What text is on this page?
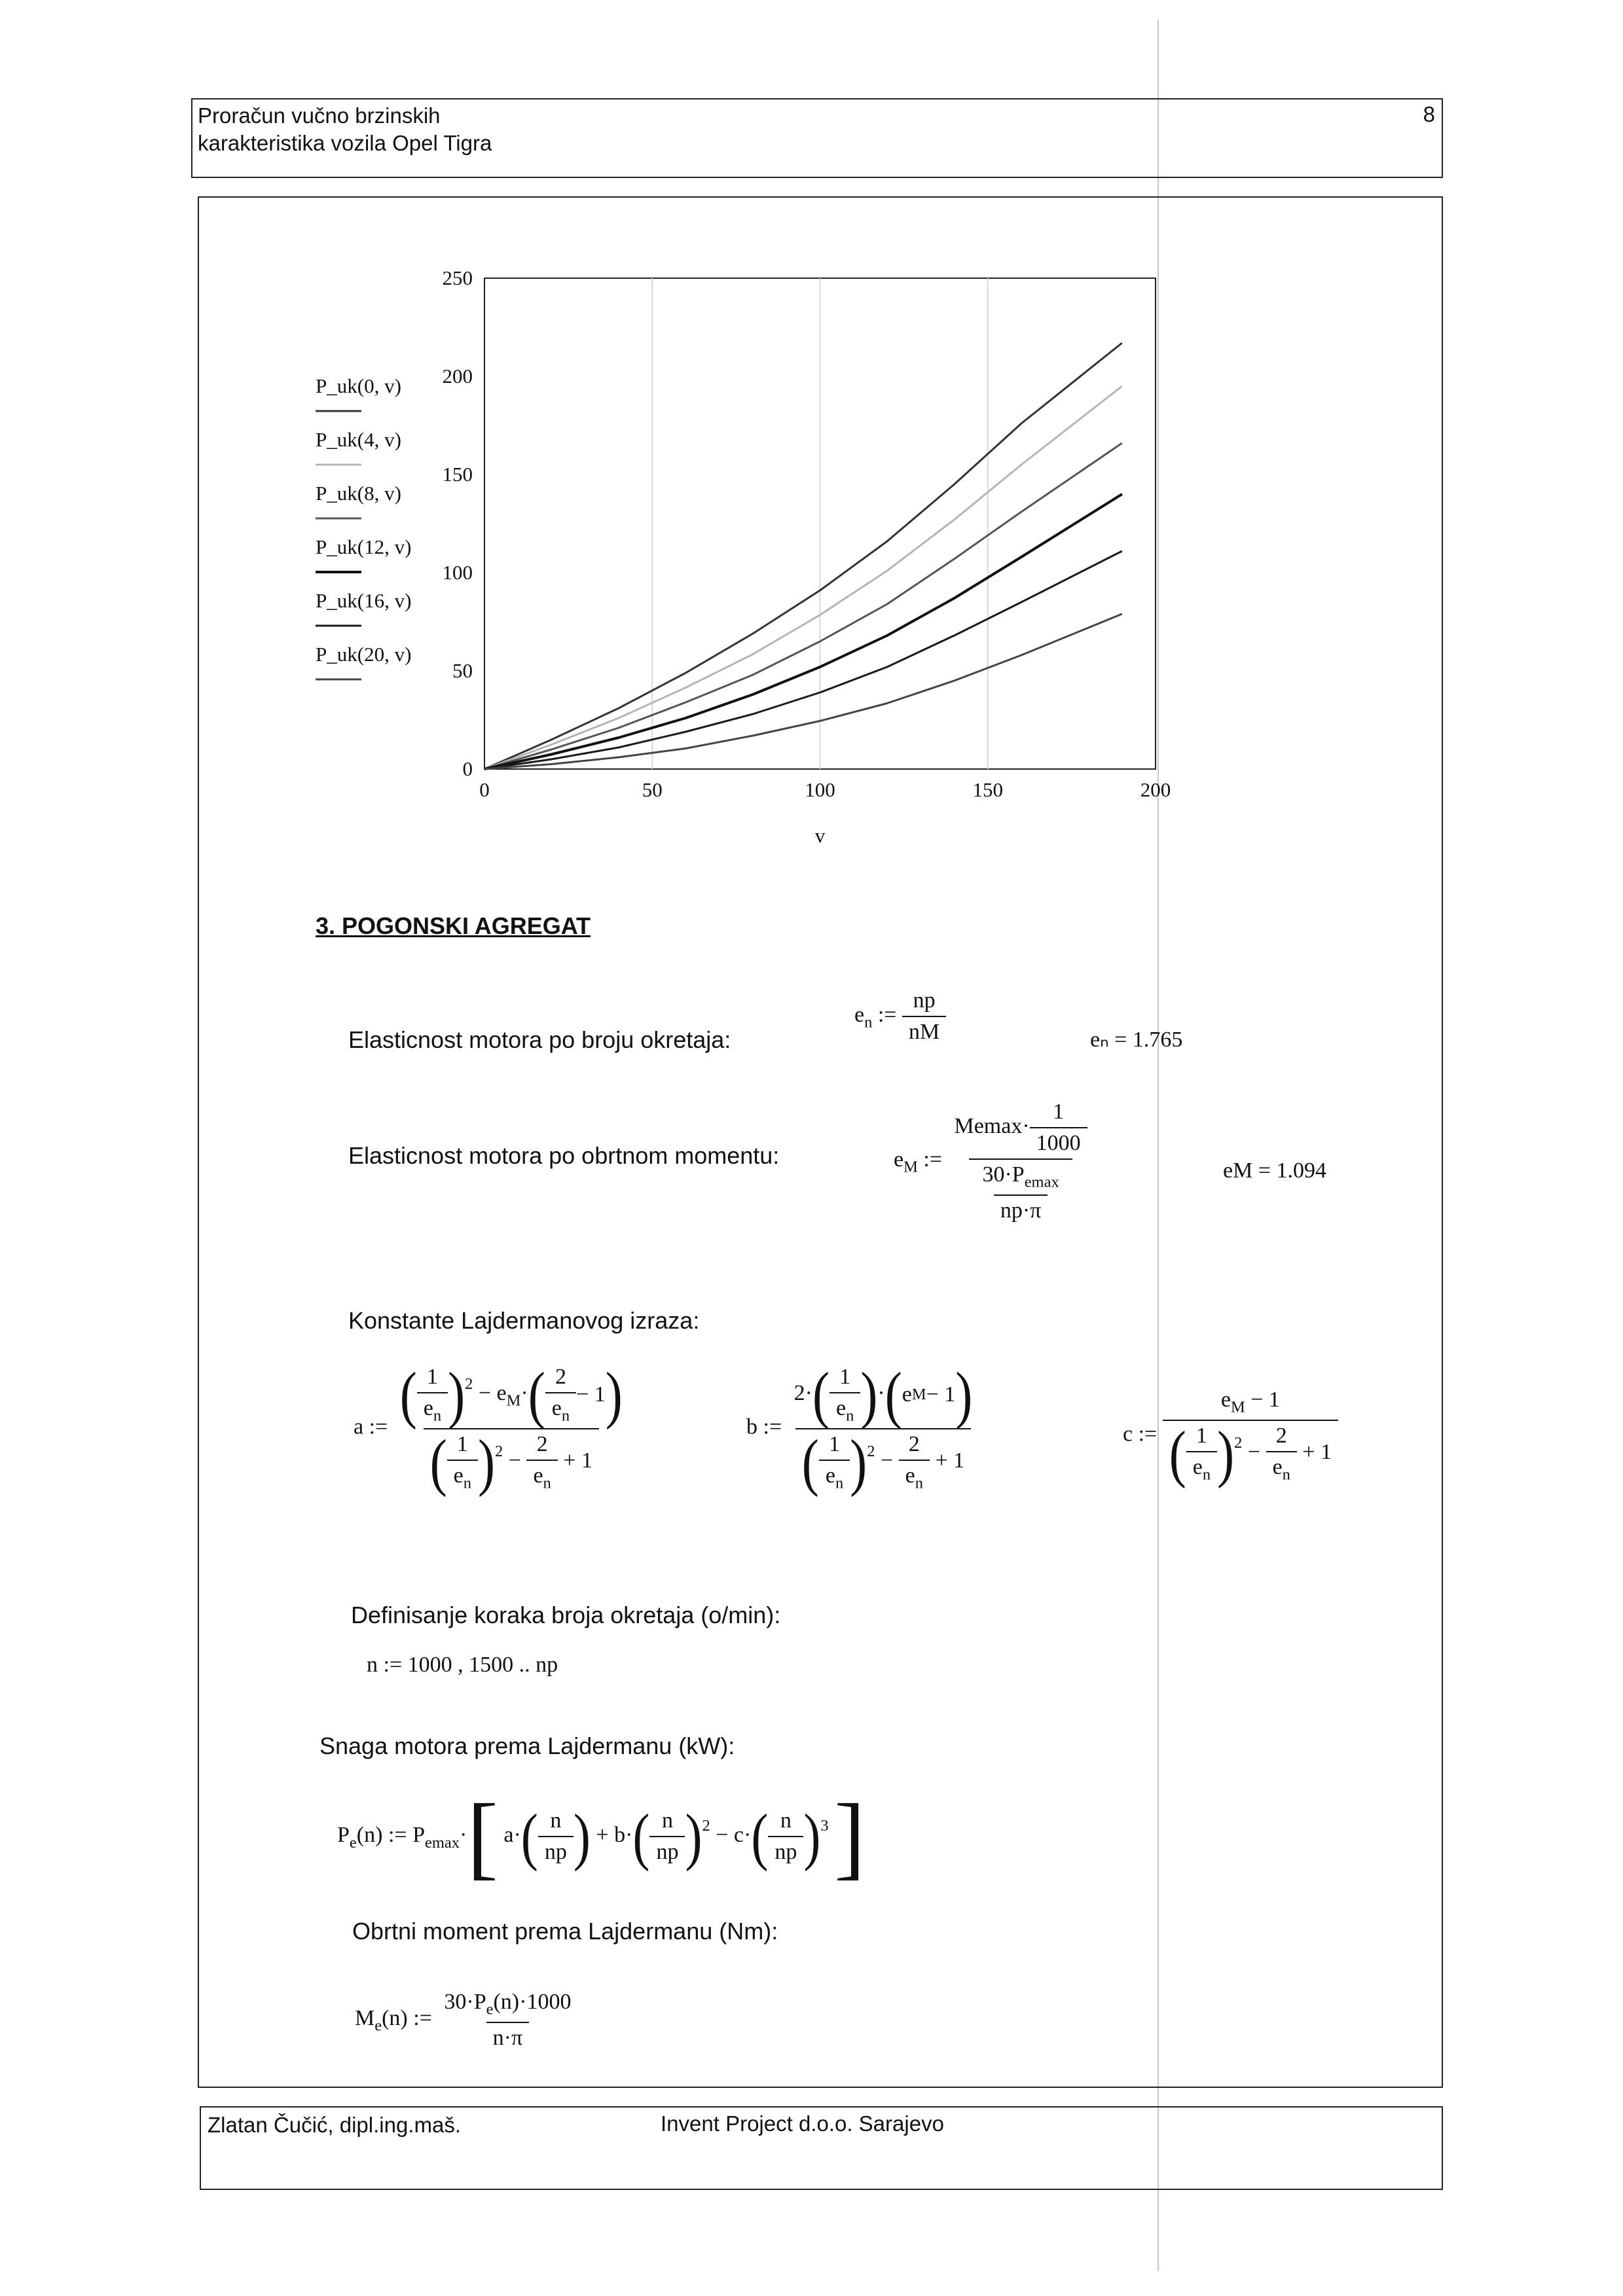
Proračun vučno brzinskih
karakteristika vozila Opel Tigra
8
0	50	100	150	200
0
50
100
150
200
250
v
P_uk(0, v)
P_uk(4, v)
P_uk(8, v)
P_uk(12, v)
P_uk(16, v)
P_uk(20, v)
3. POGONSKI AGREGAT
Elasticnost motora po broju okretaja:
$e_n$ := $\frac{np}{nM}$	eₙ = 1.765
Elasticnost motora po obrtnom momentu:	$e_M$ := $\frac{Memax\cdot \frac{1}{1000}}{\frac{30\cdot P_{emax}}{np\cdot\pi}}$	eM = 1.094
Konstante Lajdermanovog izraza:
a := $\frac{( \frac{1}{e_n} ) ^2 - e_M\cdot ( \frac{2}{e_n} - 1 )}{( \frac{1}{e_n} ) ^2 - \frac{2}{e_n} + 1}$	b := $\frac{2\cdot ( \frac{1}{e_n} ) \cdot ( e M - 1 )}{( \frac{1}{e_n} ) ^2 - \frac{2}{e_n} + 1}$	c := $\frac{e_M - 1}{( \frac{1}{e_n} ) ^2 - \frac{2}{e_n} + 1}$
Definisanje koraka broja okretaja (o/min):
n := 1000 , 1500 .. np
Snaga motora prema Lajdermanu (kW):
$P_e(n)$ := $P_{emax}\cdot$[ a· ( $\frac{n}{np}$ ) + b· ( $\frac{n}{np}$ ) $^2$ − c· ( $\frac{n}{np}$ ) $^3$ ]
Obrtni moment prema Lajdermanu (Nm):
$M_e(n)$ := $\frac{30\cdot P_e(n)\cdot 1000}{n\cdot\pi}$
Zlatan Čučić, dipl.ing.maš.	Invent Project d.o.o. Sarajevo
